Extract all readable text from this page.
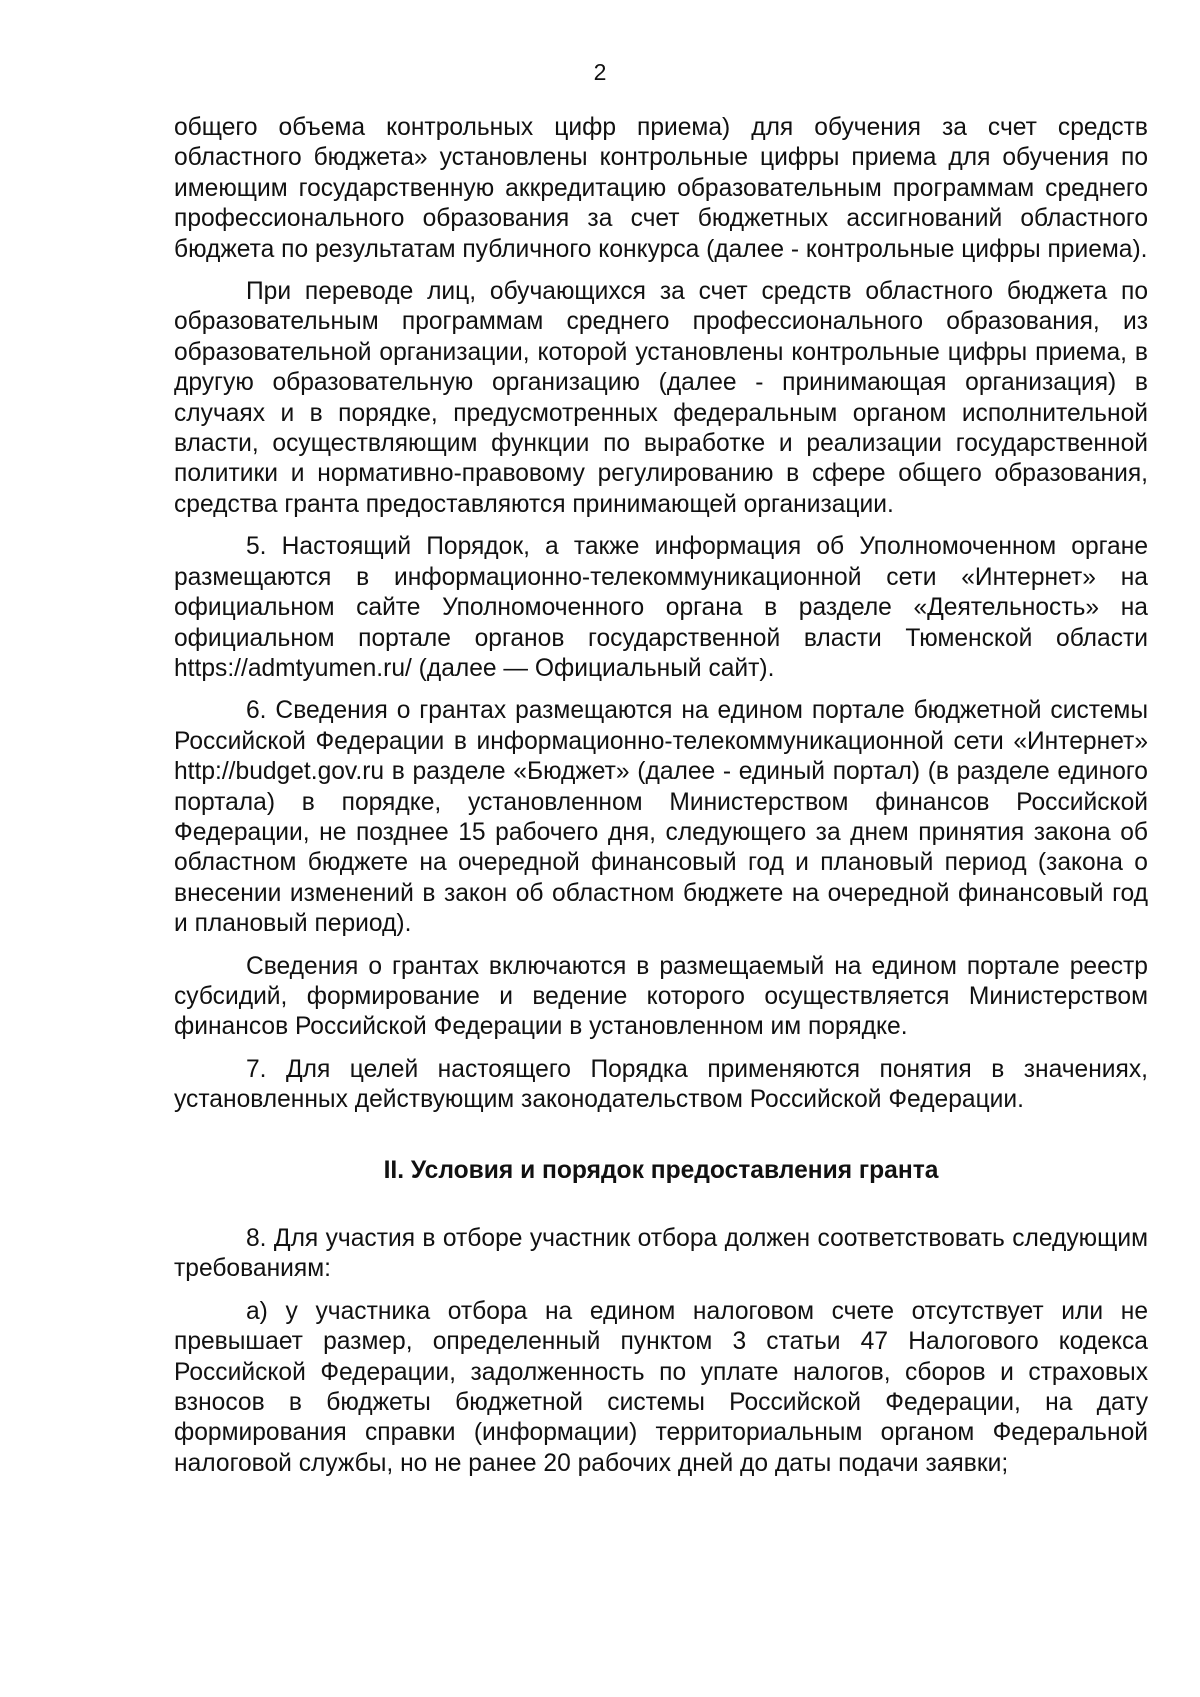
2

общего объема контрольных цифр приема) для обучения за счет средств областного бюджета» установлены контрольные цифры приема для обучения по имеющим государственную аккредитацию образовательным программам среднего профессионального образования за счет бюджетных ассигнований областного бюджета по результатам публичного конкурса (далее - контрольные цифры приема).

При переводе лиц, обучающихся за счет средств областного бюджета по образовательным программам среднего профессионального образования, из образовательной организации, которой установлены контрольные цифры приема, в другую образовательную организацию (далее - принимающая организация) в случаях и в порядке, предусмотренных федеральным органом исполнительной власти, осуществляющим функции по выработке и реализации государственной политики и нормативно-правовому регулированию в сфере общего образования, средства гранта предоставляются принимающей организации.

5. Настоящий Порядок, а также информация об Уполномоченном органе размещаются в информационно-телекоммуникационной сети «Интернет» на официальном сайте Уполномоченного органа в разделе «Деятельность» на официальном портале органов государственной власти Тюменской области https://admtyumen.ru/ (далее — Официальный сайт).

6. Сведения о грантах размещаются на едином портале бюджетной системы Российской Федерации в информационно-телекоммуникационной сети «Интернет» http://budget.gov.ru в разделе «Бюджет» (далее - единый портал) (в разделе единого портала) в порядке, установленном Министерством финансов Российской Федерации, не позднее 15 рабочего дня, следующего за днем принятия закона об областном бюджете на очередной финансовый год и плановый период (закона о внесении изменений в закон об областном бюджете на очередной финансовый год и плановый период).

Сведения о грантах включаются в размещаемый на едином портале реестр субсидий, формирование и ведение которого осуществляется Министерством финансов Российской Федерации в установленном им порядке.

7. Для целей настоящего Порядка применяются понятия в значениях, установленных действующим законодательством Российской Федерации.

II. Условия и порядок предоставления гранта

8. Для участия в отборе участник отбора должен соответствовать следующим требованиям:

а) у участника отбора на едином налоговом счете отсутствует или не превышает размер, определенный пунктом 3 статьи 47 Налогового кодекса Российской Федерации, задолженность по уплате налогов, сборов и страховых взносов в бюджеты бюджетной системы Российской Федерации, на дату формирования справки (информации) территориальным органом Федеральной налоговой службы, но не ранее 20 рабочих дней до даты подачи заявки;
